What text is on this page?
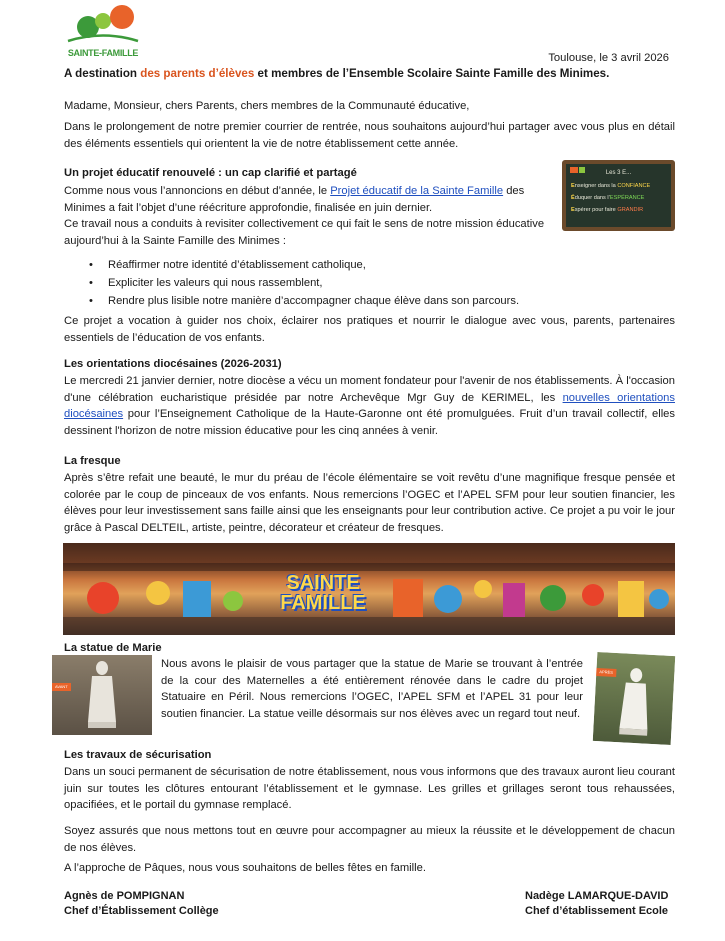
SAINTE-FAMILLE	Toulouse, le 3 avril 2026
A destination des parents d’élèves et membres de l’Ensemble Scolaire Sainte Famille des Minimes.

Madame, Monsieur, chers Parents, chers membres de la Communauté éducative,

Dans le prolongement de notre premier courrier de rentrée, nous souhaitons aujourd’hui partager avec vous plus en détail des éléments essentiels qui orientent la vie de notre établissement cette année.

Un projet éducatif renouvelé : un cap clarifié et partagé

Comme nous vous l’annoncions en début d’année, le Projet éducatif de la Sainte Famille des Minimes a fait l’objet d’une réécriture approfondie, finalisée en juin dernier.

Ce travail nous a conduits à revisiter collectivement ce qui fait le sens de notre mission éducative aujourd’hui à la Sainte Famille des Minimes :

• Réaffirmer notre identité d’établissement catholique,
• Expliciter les valeurs qui nous rassemblent,
• Rendre plus lisible notre manière d’accompagner chaque élève dans son parcours.

Ce projet a vocation à guider nos choix, éclairer nos pratiques et nourrir le dialogue avec vous, parents, partenaires essentiels de l’éducation de vos enfants.

Les 3 E...
Enseigner dans la CONFIANCE
Éduquer dans l’ESPÉRANCE
Espérer pour faire GRANDIR
Les orientations diocésaines (2026-2031)

Le mercredi 21 janvier dernier, notre diocèse a vécu un moment fondateur pour l'avenir de nos établissements. À l'occasion d'une célébration eucharistique présidée par notre Archevêque Mgr Guy de KERIMEL, les nouvelles orientations diocésaines pour l’Enseignement Catholique de la Haute-Garonne ont été promulguées. Fruit d’un travail collectif, elles dessinent l'horizon de notre mission éducative pour les cinq années à venir.

La fresque

Après s’être refait une beauté, le mur du préau de l’école élémentaire se voit revêtu d’une magnifique fresque pensée et colorée par le coup de pinceaux de vos enfants. Nous remercions l’OGEC et l’APEL SFM pour leur soutien financier, les élèves pour leur investissement sans faille ainsi que les enseignants pour leur contribution active. Ce projet a pu voir le jour grâce à Pascal DELTEIL, artiste, peintre, décorateur et créateur de fresques.

SAINTE
FAMILLE
La statue de Marie
AVANT

Nous avons le plaisir de vous partager que la statue de Marie se trouvant à l’entrée de la cour des Maternelles a été entièrement rénovée dans le cadre du projet Statuaire en Péril. Nous remercions l’OGEC, l’APEL SFM et l’APEL 31 pour leur soutien financier. La statue veille désormais sur nos élèves avec un regard tout neuf.

APRÈS
Les travaux de sécurisation

Dans un souci permanent de sécurisation de notre établissement, nous vous informons que des travaux auront lieu courant juin sur toutes les clôtures entourant l’établissement et le gymnase. Les grilles et grillages seront tous rehaussées, opacifiées, et le portail du gymnase remplacé.

Soyez assurés que nous mettons tout en œuvre pour accompagner au mieux la réussite et le développement de chacun de nos élèves.

A l’approche de Pâques, nous vous souhaitons de belles fêtes en famille.

Agnès de POMPIGNAN
Chef d’Établissement Collège
Nadège LAMARQUE-DAVID
Chef d’établissement Ecole
